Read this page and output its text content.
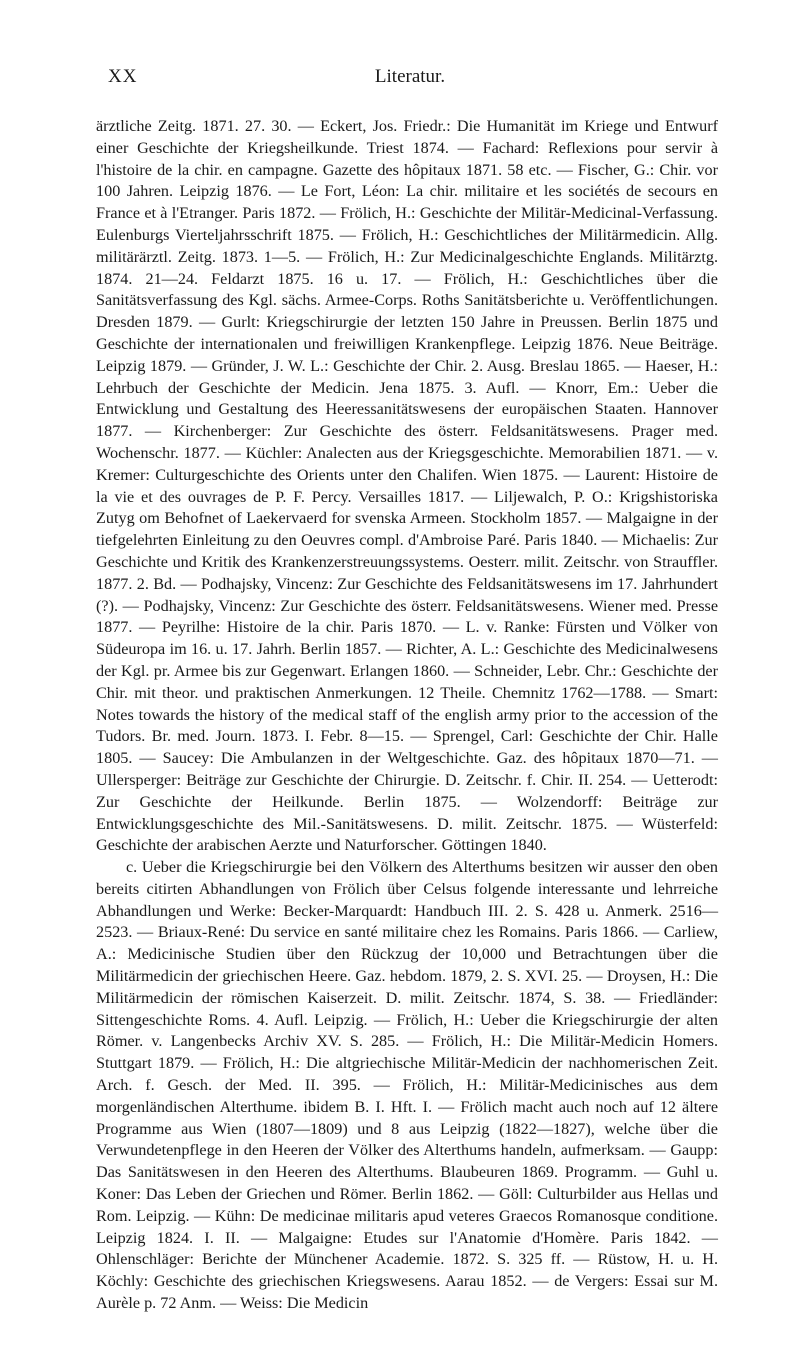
XX	Literatur.

ärztliche Zeitg. 1871. 27. 30. — Eckert, Jos. Friedr.: Die Humanität im Kriege und Entwurf einer Geschichte der Kriegsheilkunde. Triest 1874. — Fachard: Reflexions pour servir à l'histoire de la chir. en campagne. Gazette des hôpitaux 1871. 58 etc. — Fischer, G.: Chir. vor 100 Jahren. Leipzig 1876. — Le Fort, Léon: La chir. militaire et les sociétés de secours en France et à l'Etranger. Paris 1872. — Frölich, H.: Geschichte der Militär-Medicinal-Verfassung. Eulenburgs Vierteljahrsschrift 1875. — Frölich, H.: Geschichtliches der Militärmedicin. Allg. militärärztl. Zeitg. 1873. 1—5. — Frölich, H.: Zur Medicinalgeschichte Englands. Militärztg. 1874. 21—24. Feldarzt 1875. 16 u. 17. — Frölich, H.: Geschichtliches über die Sanitätsverfassung des Kgl. sächs. Armee-Corps. Roths Sanitätsberichte u. Veröffentlichungen. Dresden 1879. — Gurlt: Kriegschirurgie der letzten 150 Jahre in Preussen. Berlin 1875 und Geschichte der internationalen und freiwilligen Krankenpflege. Leipzig 1876. Neue Beiträge. Leipzig 1879. — Gründer, J. W. L.: Geschichte der Chir. 2. Ausg. Breslau 1865. — Haeser, H.: Lehrbuch der Geschichte der Medicin. Jena 1875. 3. Aufl. — Knorr, Em.: Ueber die Entwicklung und Gestaltung des Heeressanitätswesens der europäischen Staaten. Hannover 1877. — Kirchenberger: Zur Geschichte des österr. Feldsanitätswesens. Prager med. Wochenschr. 1877. — Küchler: Analecten aus der Kriegsgeschichte. Memorabilien 1871. — v. Kremer: Culturgeschichte des Orients unter den Chalifen. Wien 1875. — Laurent: Histoire de la vie et des ouvrages de P. F. Percy. Versailles 1817. — Liljewalch, P. O.: Krigshistoriska Zutyg om Behofnet of Laekervaerd for svenska Armeen. Stockholm 1857. — Malgaigne in der tiefgelehrten Einleitung zu den Oeuvres compl. d'Ambroise Paré. Paris 1840. — Michaelis: Zur Geschichte und Kritik des Krankenzerstreuungssystems. Oesterr. milit. Zeitschr. von Strauffler. 1877. 2. Bd. — Podhajsky, Vincenz: Zur Geschichte des Feldsanitätswesens im 17. Jahrhundert (?). — Podhajsky, Vincenz: Zur Geschichte des österr. Feldsanitätswesens. Wiener med. Presse 1877. — Peyrilhe: Histoire de la chir. Paris 1870. — L. v. Ranke: Fürsten und Völker von Südeuropa im 16. u. 17. Jahrh. Berlin 1857. — Richter, A. L.: Geschichte des Medicinalwesens der Kgl. pr. Armee bis zur Gegenwart. Erlangen 1860. — Schneider, Lebr. Chr.: Geschichte der Chir. mit theor. und praktischen Anmerkungen. 12 Theile. Chemnitz 1762—1788. — Smart: Notes towards the history of the medical staff of the english army prior to the accession of the Tudors. Br. med. Journ. 1873. I. Febr. 8—15. — Sprengel, Carl: Geschichte der Chir. Halle 1805. — Saucey: Die Ambulanzen in der Weltgeschichte. Gaz. des hôpitaux 1870—71. — Ullersperger: Beiträge zur Geschichte der Chirurgie. D. Zeitschr. f. Chir. II. 254. — Uetterodt: Zur Geschichte der Heilkunde. Berlin 1875. — Wolzendorff: Beiträge zur Entwicklungsgeschichte des Mil.-Sanitätswesens. D. milit. Zeitschr. 1875. — Wüsterfeld: Geschichte der arabischen Aerzte und Naturforscher. Göttingen 1840.

c. Ueber die Kriegschirurgie bei den Völkern des Alterthums besitzen wir ausser den oben bereits citirten Abhandlungen von Frölich über Celsus folgende interessante und lehrreiche Abhandlungen und Werke: Becker-Marquardt: Handbuch III. 2. S. 428 u. Anmerk. 2516—2523. — Briaux-René: Du service en santé militaire chez les Romains. Paris 1866. — Carliew, A.: Medicinische Studien über den Rückzug der 10,000 und Betrachtungen über die Militärmedicin der griechischen Heere. Gaz. hebdom. 1879, 2. S. XVI. 25. — Droysen, H.: Die Militärmedicin der römischen Kaiserzeit. D. milit. Zeitschr. 1874, S. 38. — Friedländer: Sittengeschichte Roms. 4. Aufl. Leipzig. — Frölich, H.: Ueber die Kriegschirurgie der alten Römer. v. Langenbecks Archiv XV. S. 285. — Frölich, H.: Die Militär-Medicin Homers. Stuttgart 1879. — Frölich, H.: Die altgriechische Militär-Medicin der nachhomerischen Zeit. Arch. f. Gesch. der Med. II. 395. — Frölich, H.: Militär-Medicinisches aus dem morgenländischen Alterthume. ibidem B. I. Hft. I. — Frölich macht auch noch auf 12 ältere Programme aus Wien (1807—1809) und 8 aus Leipzig (1822—1827), welche über die Verwundetenpflege in den Heeren der Völker des Alterthums handeln, aufmerksam. — Gaupp: Das Sanitätswesen in den Heeren des Alterthums. Blaubeuren 1869. Programm. — Guhl u. Koner: Das Leben der Griechen und Römer. Berlin 1862. — Göll: Culturbilder aus Hellas und Rom. Leipzig. — Kühn: De medicinae militaris apud veteres Graecos Romanosque conditione. Leipzig 1824. I. II. — Malgaigne: Etudes sur l'Anatomie d'Homère. Paris 1842. — Ohlenschläger: Berichte der Münchener Academie. 1872. S. 325 ff. — Rüstow, H. u. H. Köchly: Geschichte des griechischen Kriegswesens. Aarau 1852. — de Vergers: Essai sur M. Aurèle p. 72 Anm. — Weiss: Die Medicin
